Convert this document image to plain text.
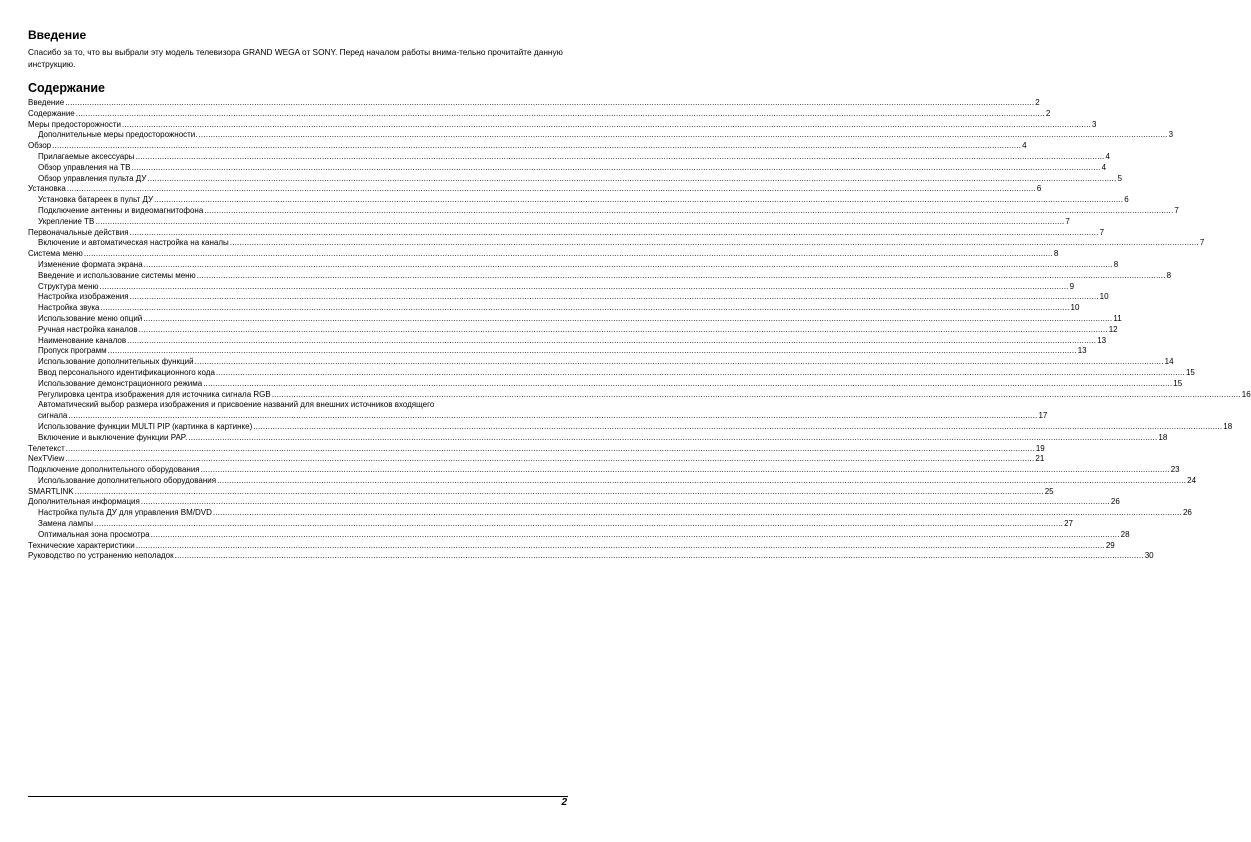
Введение

Спасибо за то, что вы выбрали эту модель телевизора GRAND WEGA от SONY. Перед началом работы внима-тельно прочитайте данную инструкцию.

Содержание
Введение ................................................................................................................................................................................................................................................................................................................................................................................................................ 2
Содержание ................................................................................................................................................................................................................................................................................................................................................................................................................ 2
Меры предосторожности ................................................................................................................................................................................................................................................................................................................................................................................................................ 3
Дополнительные меры предосторожности. ................................................................................................................................................................................................................................................................................................................................................................................................................ 3
Обзор ................................................................................................................................................................................................................................................................................................................................................................................................................ 4
Прилагаемые аксессуары ................................................................................................................................................................................................................................................................................................................................................................................................................ 4
Обзор управления на ТВ ................................................................................................................................................................................................................................................................................................................................................................................................................ 4
Обзор управления пульта ДУ ................................................................................................................................................................................................................................................................................................................................................................................................................ 5
Установка ................................................................................................................................................................................................................................................................................................................................................................................................................ 6
Установка батареек в пульт ДУ ................................................................................................................................................................................................................................................................................................................................................................................................................ 6
Подключение антенны и видеомагнитофона ................................................................................................................................................................................................................................................................................................................................................................................................................ 7
Укрепление ТВ ................................................................................................................................................................................................................................................................................................................................................................................................................ 7
Первоначальные действия ................................................................................................................................................................................................................................................................................................................................................................................................................ 7
Включение и автоматическая настройка на каналы ................................................................................................................................................................................................................................................................................................................................................................................................................ 7
Система меню ................................................................................................................................................................................................................................................................................................................................................................................................................ 8
Изменение формата экрана ................................................................................................................................................................................................................................................................................................................................................................................................................ 8
Введение и использование системы меню ................................................................................................................................................................................................................................................................................................................................................................................................................ 8
Структура меню ................................................................................................................................................................................................................................................................................................................................................................................................................ 9
Настройка изображения ................................................................................................................................................................................................................................................................................................................................................................................................................ 10
Настройка звука ................................................................................................................................................................................................................................................................................................................................................................................................................ 10
Использование меню опций ................................................................................................................................................................................................................................................................................................................................................................................................................ 11
Ручная настройка каналов ................................................................................................................................................................................................................................................................................................................................................................................................................ 12
Наименование каналов ................................................................................................................................................................................................................................................................................................................................................................................................................ 13
Пропуск программ ................................................................................................................................................................................................................................................................................................................................................................................................................ 13
Использование дополнительных функций ................................................................................................................................................................................................................................................................................................................................................................................................................ 14
Ввод персонального идентификационного кода ................................................................................................................................................................................................................................................................................................................................................................................................................ 15
Использование демонстрационного режима ................................................................................................................................................................................................................................................................................................................................................................................................................ 15
Регулировка центра изображения для источника сигнала RGB ................................................................................................................................................................................................................................................................................................................................................................................................................ 16
Автоматический выбор размера изображения и присвоение названий для внешних источников входящего
сигнала ................................................................................................................................................................................................................................................................................................................................................................................................................ 17
Использование функции MULTI PIP (картинка в картинке) ................................................................................................................................................................................................................................................................................................................................................................................................................ 18
Включение и выключение функции PAP. ................................................................................................................................................................................................................................................................................................................................................................................................................ 18
Телетекст ................................................................................................................................................................................................................................................................................................................................................................................................................ 19
NexTView ................................................................................................................................................................................................................................................................................................................................................................................................................ 21
Подключение дополнительного оборудования ................................................................................................................................................................................................................................................................................................................................................................................................................ 23
Использование дополнительного оборудования ................................................................................................................................................................................................................................................................................................................................................................................................................ 24
SMARTLINK ................................................................................................................................................................................................................................................................................................................................................................................................................ 25
Дополнительная информация ................................................................................................................................................................................................................................................................................................................................................................................................................ 26
Настройка пульта ДУ для управления ВМ/DVD ................................................................................................................................................................................................................................................................................................................................................................................................................ 26
Замена лампы ................................................................................................................................................................................................................................................................................................................................................................................................................ 27
Оптимальная зона просмотра ................................................................................................................................................................................................................................................................................................................................................................................................................ 28
Технические характеристики ................................................................................................................................................................................................................................................................................................................................................................................................................ 29
Руководство по устранению неполадок ................................................................................................................................................................................................................................................................................................................................................................................................................ 30
2
